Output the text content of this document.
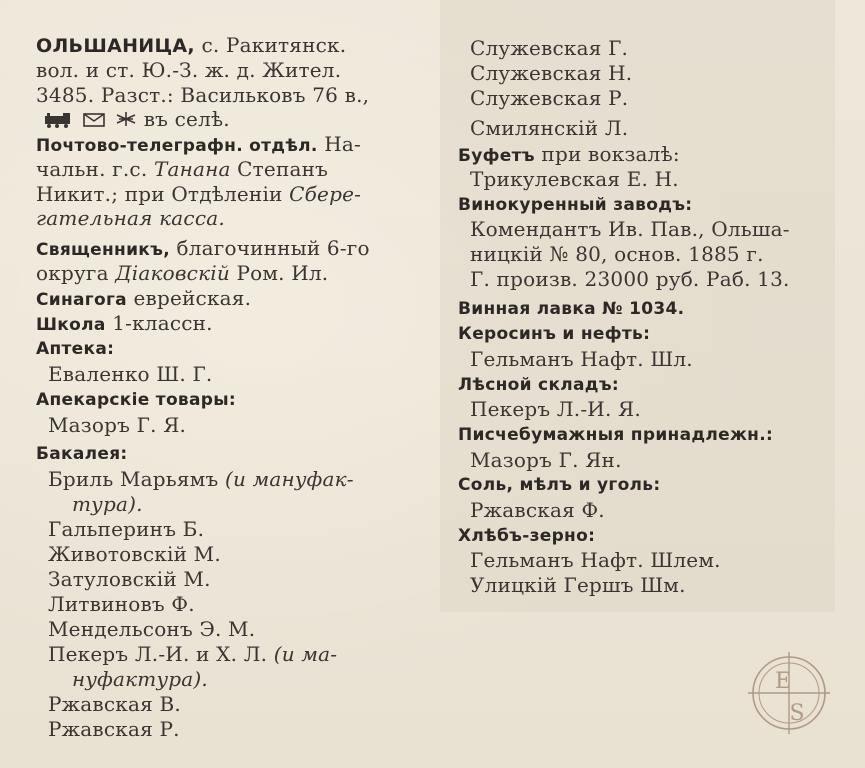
ОЛЬШАНИЦА, с. Ракитянск.
вол. и ст. Ю.-З. ж. д. Жител.
3485. Разст.: Васильковъ 76 в.,
въ селѣ.
Почтово-телеграфн. отдѣл. На-
чальн. г.с. Танана Степанъ
Никит.; при Отдѣленіи Сбере-
гательная касса.
Священникъ, благочинный 6-го
округа Діаковскій Ром. Ил.
Синагога еврейская.
Школа 1-классн.
Аптека:
Еваленко Ш. Г.
Апекарскіе товары:
Мазоръ Г. Я.
Бакалея:
Бриль Марьямъ (и мануфак-
тура).
Гальперинъ Б.
Животовскій М.
Затуловскій М.
Литвиновъ Ф.
Мендельсонъ Э. М.
Пекеръ Л.-И. и Х. Л. (и ма-
нуфактура).
Ржавская В.
Ржавская Р.
Служевская Г.
Служевская Н.
Служевская Р.
Смилянскій Л.
Буфетъ при вокзалѣ:
Трикулевская Е. Н.
Винокуренный заводъ:
Комендантъ Ив. Пав., Ольша-
ницкій № 80, основ. 1885 г.
Г. произв. 23000 руб. Раб. 13.
Винная лавка № 1034.
Керосинъ и нефть:
Гельманъ Нафт. Шл.
Лѣсной складъ:
Пекеръ Л.-И. Я.
Писчебумажныя принадлежн.:
Мазоръ Г. Ян.
Соль, мѣлъ и уголь:
Ржавская Ф.
Хлѣбъ-зерно:
Гельманъ Нафт. Шлем.
Улицкій Гершъ Шм.
E
S
